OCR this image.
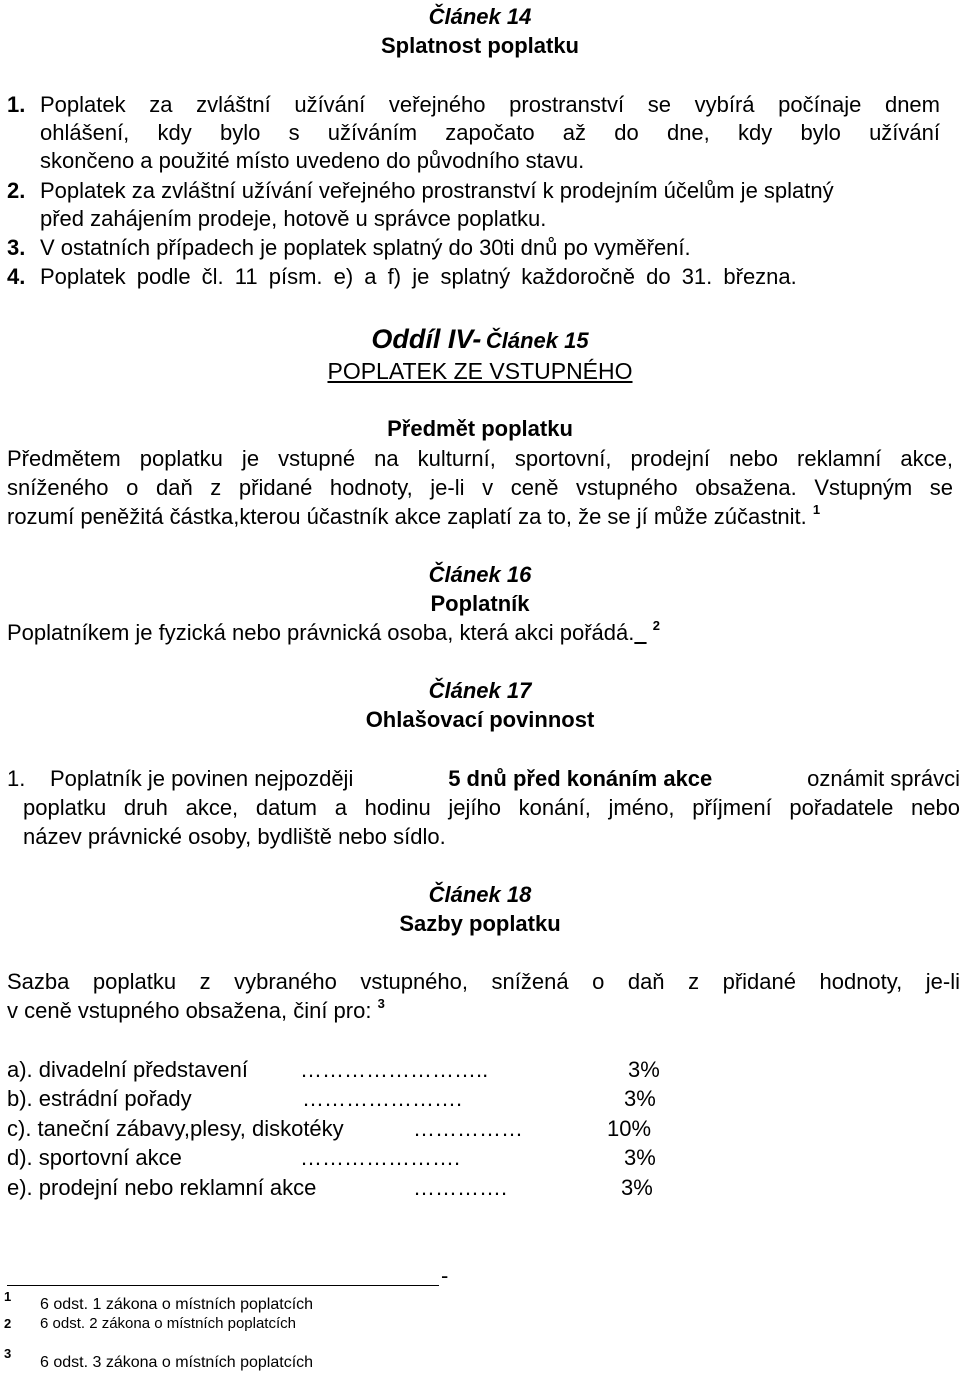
Článek 14
Splatnost poplatku
1. Poplatek za zvláštní užívání veřejného prostranství se vybírá počínaje dnem
ohlášení, kdy bylo s užíváním započato až do dne, kdy bylo užívání
skončeno a použité místo uvedeno do původního stavu.
2. Poplatek za zvláštní užívání veřejného prostranství k prodejním účelům je splatný
před zahájením prodeje, hotově u správce poplatku.
3. V ostatních případech je poplatek splatný do 30ti dnů po vyměření.
4. Poplatek podle čl. 11 písm. e) a f) je splatný každoročně do 31. března.
Oddíl IV- Článek 15
POPLATEK ZE VSTUPNÉHO
Předmět poplatku
Předmětem poplatku je vstupné na kulturní, sportovní, prodejní nebo reklamní akce,
sníženého o daň z přidané hodnoty, je-li v ceně vstupného obsažena. Vstupným se
rozumí peněžitá částka,kterou účastník akce zaplatí za to, že se jí může zúčastnit. $^1$
Článek 16
Poplatník
Poplatníkem je fyzická nebo právnická osoba, která akci pořádá. $^2$
Článek 17
Ohlašovací povinnost
1. Poplatník je povinen nejpozději	5 dnů před konáním akce	oznámit správci
poplatku druh akce, datum a hodinu jejího konání, jméno, příjmení pořadatele nebo
název právnické osoby, bydliště nebo sídlo.
Článek 18
Sazby poplatku
Sazba poplatku z vybraného vstupného, snížená o daň z přidané hodnoty, je-li
v ceně vstupného obsažena, činí pro: $^3$
a). divadelní představení ……………………..	3%
b). estrádní pořady	………………….	3%
c). taneční zábavy,plesy, diskotéky	……………	10%
d). sportovní akce	………………….	3%
e). prodejní nebo reklamní akce	………….	3%
-
1 6 odst. 1 zákona o místních poplatcích
2 6 odst. 2 zákona o místních poplatcích
3
6 odst. 3 zákona o místních poplatcích
